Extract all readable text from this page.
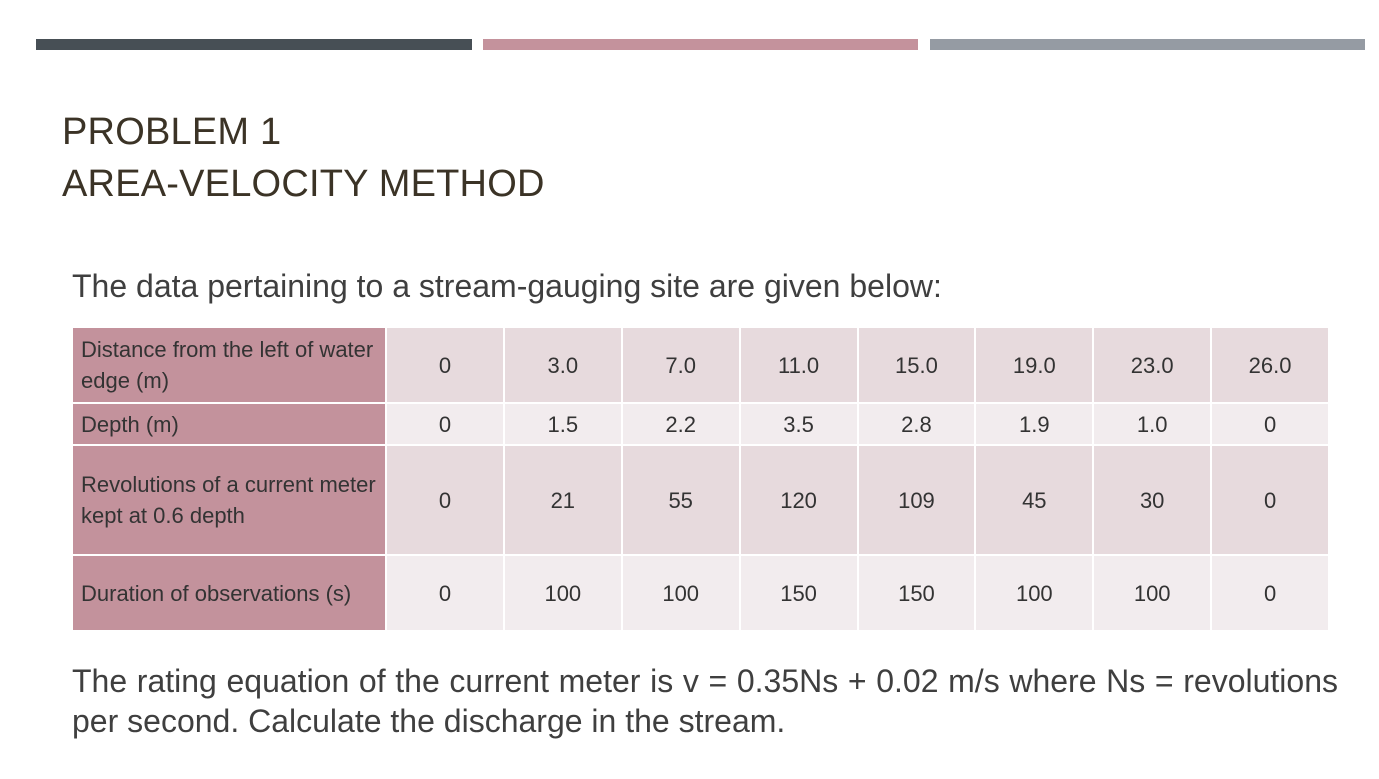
PROBLEM 1
AREA-VELOCITY METHOD

The data pertaining to a stream-gauging site are given below:

Distance from the left of water edge (m)	0	3.0	7.0	11.0	15.0	19.0	23.0	26.0
Depth (m)	0	1.5	2.2	3.5	2.8	1.9	1.0	0
Revolutions of a current meter kept at 0.6 depth	0	21	55	120	109	45	30	0
Duration of observations (s)	0	100	100	150	150	100	100	0

The rating equation of the current meter is v = 0.35Ns + 0.02 m/s where Ns = revolutions per second. Calculate the discharge in the stream.
